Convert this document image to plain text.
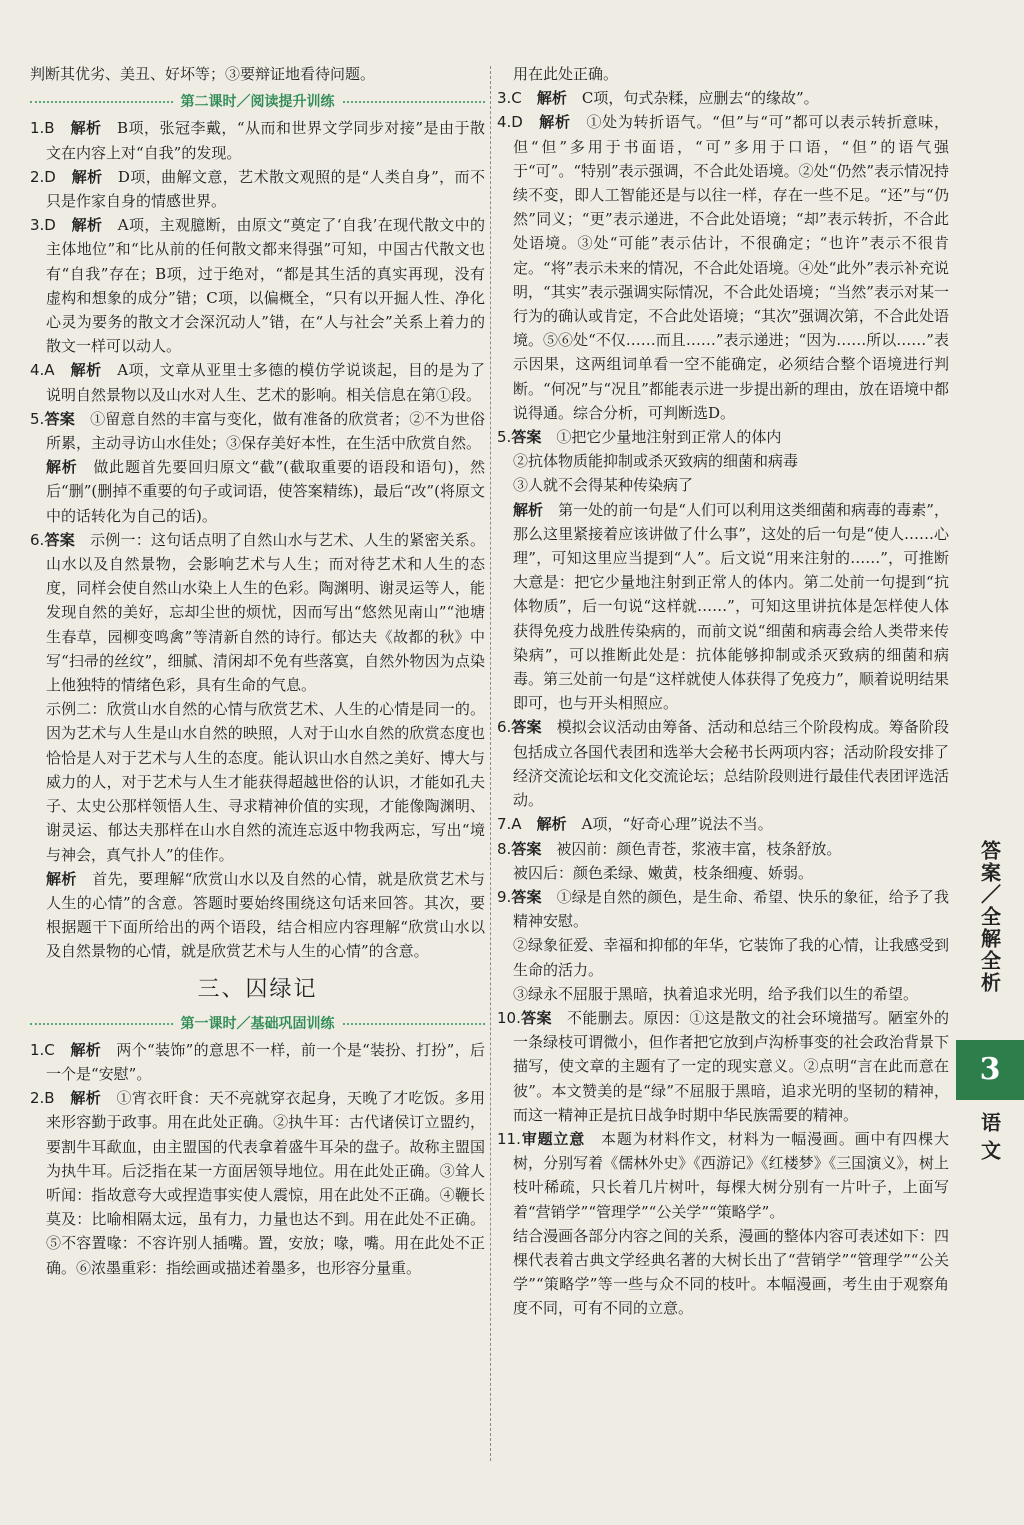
判断其优劣、美丑、好坏等；③要辩证地看待问题。
第二课时／阅读提升训练
1.B　 解析　 B项，张冠李戴，“从而和世界文学同步对接”是由于散文在内容上对“自我”的发现。
2.D　 解析　 D项，曲解文意，艺术散文观照的是“人类自身”，而不只是作家自身的情感世界。
3.D　 解析　 A项，主观臆断，由原文“奠定了‘自我’在现代散文中的主体地位”和“比从前的任何散文都来得强”可知，中国古代散文也有“自我”存在；B项，过于绝对，“都是其生活的真实再现，没有虚构和想象的成分”错；C项，以偏概全，“只有以开掘人性、净化心灵为要务的散文才会深沉动人”错，在“人与社会”关系上着力的散文一样可以动人。
4.A　 解析　 A项，文章从亚里士多德的模仿学说谈起，目的是为了说明自然景物以及山水对人生、艺术的影响。相关信息在第①段。
5.答案　 ①留意自然的丰富与变化，做有准备的欣赏者；②不为世俗所累，主动寻访山水佳处；③保存美好本性，在生活中欣赏自然。
解析　 做此题首先要回归原文“截”(截取重要的语段和语句)，然后“删”(删掉不重要的句子或词语，使答案精练)，最后“改”(将原文中的话转化为自己的话)。
6.答案　 示例一：这句话点明了自然山水与艺术、人生的紧密关系。山水以及自然景物，会影响艺术与人生；而对待艺术和人生的态度，同样会使自然山水染上人生的色彩。陶渊明、谢灵运等人，能发现自然的美好，忘却尘世的烦忧，因而写出“悠然见南山”“池塘生春草，园柳变鸣禽”等清新自然的诗行。郁达夫《故都的秋》中写“扫帚的丝纹”，细腻、清闲却不免有些落寞，自然外物因为点染上他独特的情绪色彩，具有生命的气息。
示例二：欣赏山水自然的心情与欣赏艺术、人生的心情是同一的。因为艺术与人生是山水自然的映照，人对于山水自然的欣赏态度也恰恰是人对于艺术与人生的态度。能认识山水自然之美好、博大与威力的人，对于艺术与人生才能获得超越世俗的认识，才能如孔夫子、太史公那样领悟人生、寻求精神价值的实现，才能像陶渊明、谢灵运、郁达夫那样在山水自然的流连忘返中物我两忘，写出“境与神会，真气扑人”的佳作。
解析　 首先，要理解“欣赏山水以及自然的心情，就是欣赏艺术与人生的心情”的含意。答题时要始终围绕这句话来回答。其次，要根据题干下面所给出的两个语段，结合相应内容理解“欣赏山水以及自然景物的心情，就是欣赏艺术与人生的心情”的含意。
三、囚绿记
第一课时／基础巩固训练
1.C　 解析　 两个“装饰”的意思不一样，前一个是“装扮、打扮”，后一个是“安慰”。
2.B　 解析　 ①宵衣旰食：天不亮就穿衣起身，天晚了才吃饭。多用来形容勤于政事。用在此处正确。②执牛耳：古代诸侯订立盟约，要割牛耳歃血，由主盟国的代表拿着盛牛耳朵的盘子。故称主盟国为执牛耳。后泛指在某一方面居领导地位。用在此处正确。③耸人听闻：指故意夸大或捏造事实使人震惊，用在此处不正确。④鞭长莫及：比喻相隔太远，虽有力，力量也达不到。用在此处不正确。⑤不容置喙：不容许别人插嘴。置，安放；喙，嘴。用在此处不正确。⑥浓墨重彩：指绘画或描述着墨多，也形容分量重。
用在此处正确。
3.C　 解析　 C项，句式杂糅，应删去“的缘故”。
4.D　 解析　 ①处为转折语气。“但”与“可”都可以表示转折意味，但“但”多用于书面语，“可”多用于口语，“但”的语气强于“可”。“特别”表示强调，不合此处语境。②处“仍然”表示情况持续不变，即人工智能还是与以往一样，存在一些不足。“还”与“仍然”同义；“更”表示递进，不合此处语境；“却”表示转折，不合此处语境。③处“可能”表示估计，不很确定；“也许”表示不很肯定。“将”表示未来的情况，不合此处语境。④处“此外”表示补充说明，“其实”表示强调实际情况，不合此处语境；“当然”表示对某一行为的确认或肯定，不合此处语境；“其次”强调次第，不合此处语境。⑤⑥处“不仅……而且……”表示递进；“因为……所以……”表示因果，这两组词单看一空不能确定，必须结合整个语境进行判断。“何况”与“况且”都能表示进一步提出新的理由，放在语境中都说得通。综合分析，可判断选D。
5.答案　 ①把它少量地注射到正常人的体内
②抗体物质能抑制或杀灭致病的细菌和病毒
③人就不会得某种传染病了
解析　 第一处的前一句是“人们可以利用这类细菌和病毒的毒素”，那么这里紧接着应该讲做了什么事”，这处的后一句是“使人……心理”，可知这里应当提到“人”。后文说“用来注射的……”，可推断大意是：把它少量地注射到正常人的体内。第二处前一句提到“抗体物质”，后一句说“这样就……”，可知这里讲抗体是怎样使人体获得免疫力战胜传染病的，而前文说“细菌和病毒会给人类带来传染病”，可以推断此处是：抗体能够抑制或杀灭致病的细菌和病毒。第三处前一句是“这样就使人体获得了免疫力”，顺着说明结果即可，也与开头相照应。
6.答案　 模拟会议活动由筹备、活动和总结三个阶段构成。筹备阶段包括成立各国代表团和选举大会秘书长两项内容；活动阶段安排了经济交流论坛和文化交流论坛；总结阶段则进行最佳代表团评选活动。
7.A　 解析　 A项，“好奇心理”说法不当。
8.答案　 被囚前：颜色青苍，浆液丰富，枝条舒放。
被囚后：颜色柔绿、嫩黄，枝条细瘦、娇弱。
9.答案　 ①绿是自然的颜色，是生命、希望、快乐的象征，给予了我精神安慰。
②绿象征爱、幸福和抑郁的年华，它装饰了我的心情，让我感受到生命的活力。
③绿永不屈服于黑暗，执着追求光明，给予我们以生的希望。
10.答案　 不能删去。原因：①这是散文的社会环境描写。陋室外的一条绿枝可谓微小，但作者把它放到卢沟桥事变的社会政治背景下描写，使文章的主题有了一定的现实意义。②点明“言在此而意在彼”。本文赞美的是“绿”不屈服于黑暗，追求光明的坚韧的精神，而这一精神正是抗日战争时期中华民族需要的精神。
11.审题立意　 本题为材料作文，材料为一幅漫画。画中有四棵大树，分别写着《儒林外史》《西游记》《红楼梦》《三国演义》，树上枝叶稀疏，只长着几片树叶，每棵大树分别有一片叶子，上面写着“营销学”“管理学”“公关学”“策略学”。
结合漫画各部分内容之间的关系，漫画的整体内容可表述如下：四棵代表着古典文学经典名著的大树长出了“营销学”“管理学”“公关学”“策略学”等一些与众不同的枝叶。本幅漫画，考生由于观察角度不同，可有不同的立意。
答案／全解全析
3
语文
